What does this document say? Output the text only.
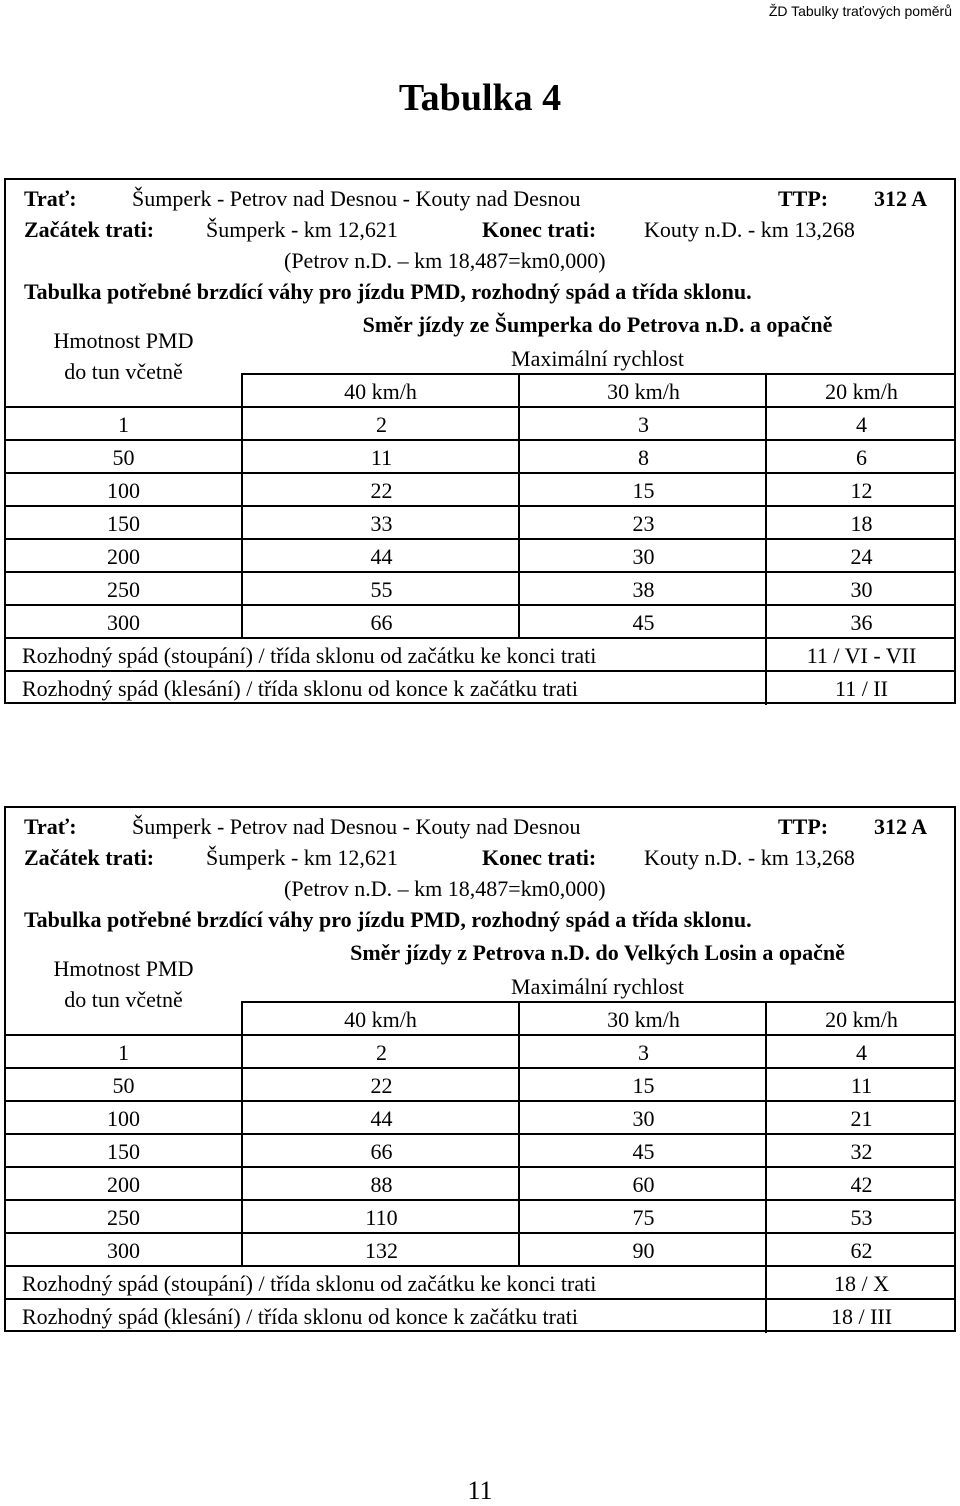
ŽD Tabulky traťových poměrů
Tabulka 4
Trať:	Šumperk - Petrov nad Desnou - Kouty nad Desnou	TTP: 312 A
Začátek trati: Šumperk - km 12,621	Konec trati: Kouty n.D. - km 13,268
(Petrov n.D. – km 18,487=km0,000)
Tabulka potřebné brzdící váhy pro jízdu PMD, rozhodný spád a třída sklonu.
Směr jízdy ze Šumperka do Petrova n.D. a opačně
Hmotnost PMD
do tun včetně
Maximální rychlost
40 km/h	30 km/h	20 km/h
1	2	3	4
50	11	8	6
100	22	15	12
150	33	23	18
200	44	30	24
250	55	38	30
300	66	45	36
Rozhodný spád (stoupání) / třída sklonu od začátku ke konci trati	11 / VI - VII
Rozhodný spád (klesání) / třída sklonu od konce k začátku trati	11 / II
Trať:	Šumperk - Petrov nad Desnou - Kouty nad Desnou	TTP: 312 A
Začátek trati: Šumperk - km 12,621	Konec trati: Kouty n.D. - km 13,268
(Petrov n.D. – km 18,487=km0,000)
Tabulka potřebné brzdící váhy pro jízdu PMD, rozhodný spád a třída sklonu.
Směr jízdy z Petrova n.D. do Velkých Losin a opačně
Hmotnost PMD
do tun včetně
Maximální rychlost
40 km/h	30 km/h	20 km/h
1	2	3	4
50	22	15	11
100	44	30	21
150	66	45	32
200	88	60	42
250	110	75	53
300	132	90	62
Rozhodný spád (stoupání) / třída sklonu od začátku ke konci trati	18 / X
Rozhodný spád (klesání) / třída sklonu od konce k začátku trati	18 / III
11
